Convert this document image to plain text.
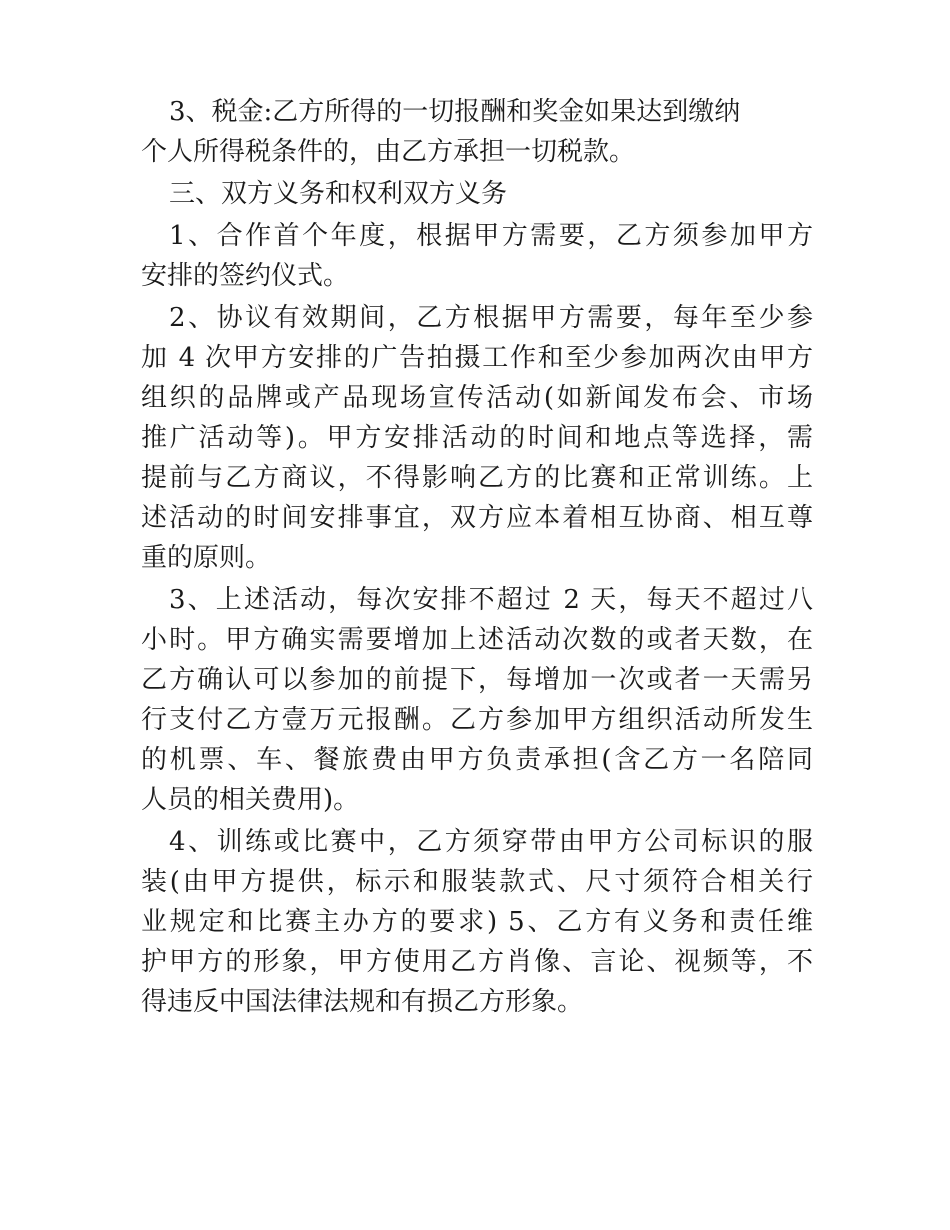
3、税金:乙方所得的一切报酬和奖金如果达到缴纳
个人所得税条件的，由乙方承担一切税款。
三、双方义务和权利双方义务
1、合作首个年度，根据甲方需要，乙方须参加甲方
安排的签约仪式。
2、协议有效期间，乙方根据甲方需要，每年至少参
加 4 次甲方安排的广告拍摄工作和至少参加两次由甲方
组织的品牌或产品现场宣传活动(如新闻发布会、市场
推广活动等)。甲方安排活动的时间和地点等选择，需
提前与乙方商议，不得影响乙方的比赛和正常训练。上
述活动的时间安排事宜，双方应本着相互协商、相互尊
重的原则。
3、上述活动，每次安排不超过 2 天，每天不超过八
小时。甲方确实需要增加上述活动次数的或者天数，在
乙方确认可以参加的前提下，每增加一次或者一天需另
行支付乙方壹万元报酬。乙方参加甲方组织活动所发生
的机票、车、餐旅费由甲方负责承担(含乙方一名陪同
人员的相关费用)。
4、训练或比赛中，乙方须穿带由甲方公司标识的服
装(由甲方提供，标示和服装款式、尺寸须符合相关行
业规定和比赛主办方的要求) 5、乙方有义务和责任维
护甲方的形象，甲方使用乙方肖像、言论、视频等，不
得违反中国法律法规和有损乙方形象。
